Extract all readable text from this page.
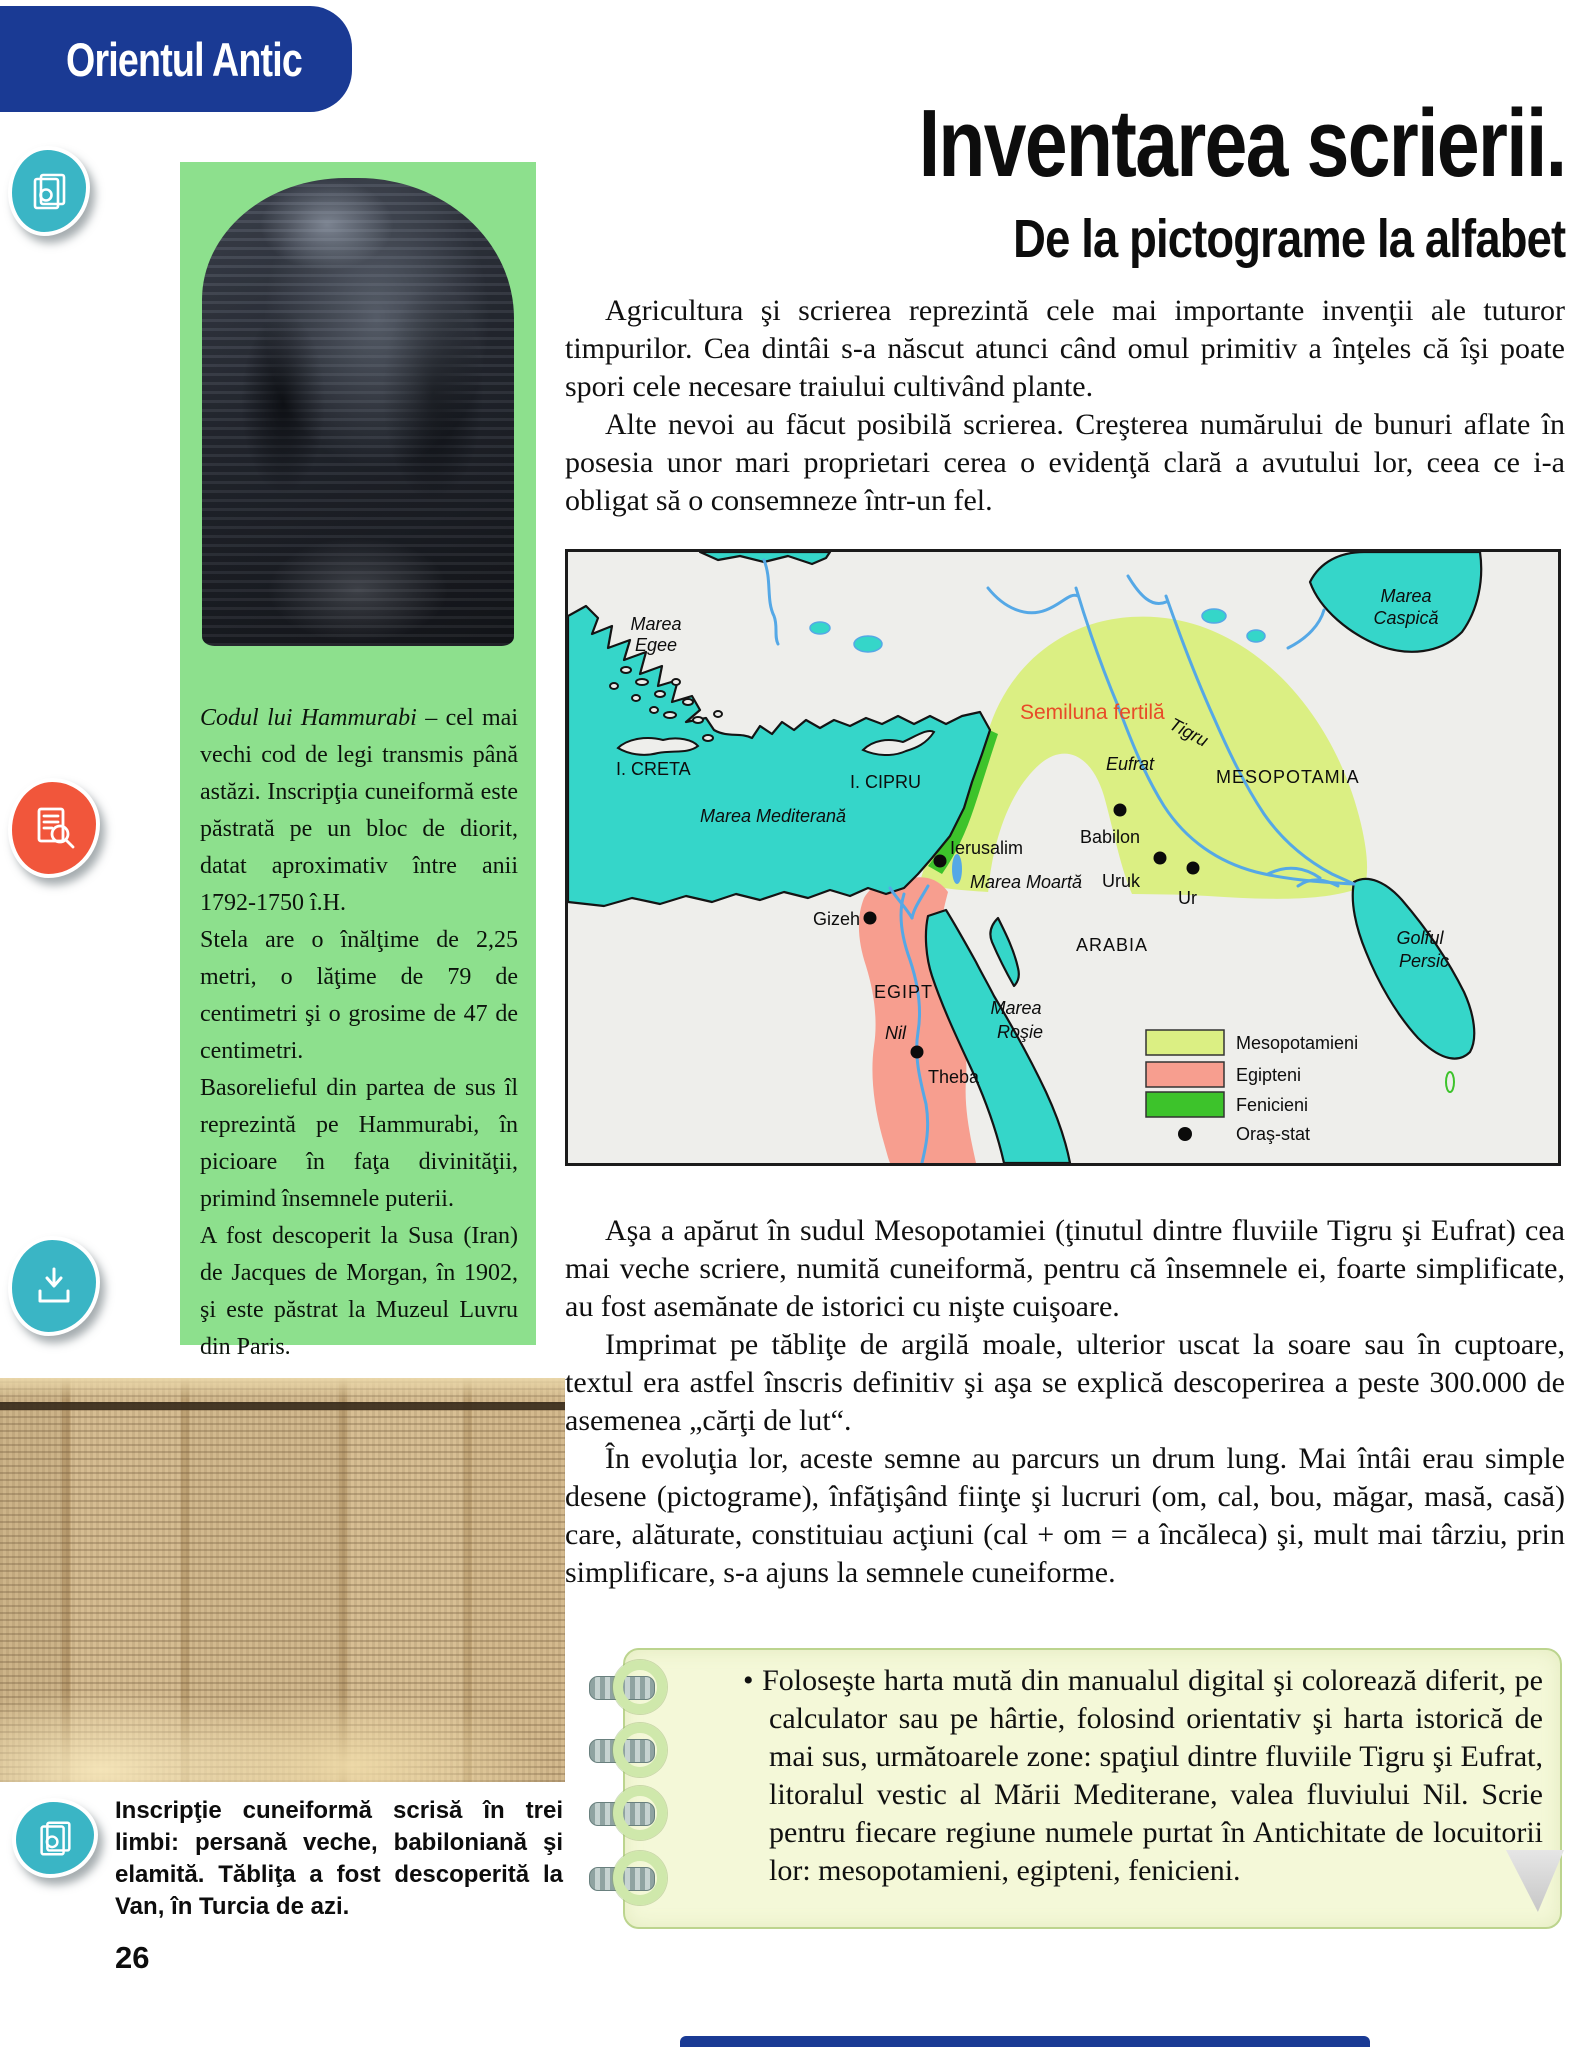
Orientul Antic
Inventarea scrierii.
De la pictograme la alfabet

Agricultura şi scrierea reprezintă cele mai importante invenţii ale tuturor timpurilor. Cea dintâi s-a născut atunci când omul primitiv a înţeles că îşi poate spori cele necesare traiului cultivând plante.

Alte nevoi au făcut posibilă scrierea. Creşterea numărului de bunuri aflate în posesia unor mari proprietari cerea o evidenţă clară a avutului lor, ceea ce i-a obligat să o consemneze într-un fel.

Codul lui Hammurabi – cel mai vechi cod de legi transmis până astăzi. Inscripţia cuneiformă este păstrată pe un bloc de diorit, datat aproximativ între anii 1792-1750 î.H.

Stela are o înălţime de 2,25 metri, o lăţime de 79 de centimetri şi o grosime de 47 de centimetri.

Basorelieful din partea de sus îl reprezintă pe Hammurabi, în picioare în faţa divinităţii, primind însemnele puterii.

A fost descoperit la Susa (Iran) de Jacques de Morgan, în 1902, şi este păstrat la Muzeul Luvru din Paris.

Marea
Egee
Marea
Caspică
Semiluna fertilă
Tigru
Eufrat
MESOPOTAMIA
Babilon
Uruk
Ur
Ierusalim
Marea Moartă
Gizeh
EGIPT
Nil
Theba
Marea
Roşie
ARABIA	Golful
Persic
I. CRETA
I. CIPRU
Marea Mediterană
Mesopotamieni
Egipteni
Fenicieni
Oraş-stat

Aşa a apărut în sudul Mesopotamiei (ţinutul dintre fluviile Tigru şi Eufrat) cea mai veche scriere, numită cuneiformă, pentru că însemnele ei, foarte simplificate, au fost asemănate de istorici cu nişte cuişoare.

Imprimat pe tăbliţe de argilă moale, ulterior uscat la soare sau în cuptoare, textul era astfel înscris definitiv şi aşa se explică descoperirea a peste 300.000 de asemenea „cărţi de lut“.

În evoluţia lor, aceste semne au parcurs un drum lung. Mai întâi erau simple desene (pictograme), înfăţişând fiinţe şi lucruri (om, cal, bou, măgar, masă, casă) care, alăturate, constituiau acţiuni (cal + om = a încăleca) şi, mult mai târziu, prin simplificare, s-a ajuns la semnele cuneiforme.

• Foloseşte harta mută din manualul digital şi colorează diferit, pe calculator sau pe hârtie, folosind orientativ şi harta istorică de mai sus, următoarele zone: spaţiul dintre fluviile Tigru şi Eufrat, litoralul vestic al Mării Mediterane, valea fluviului Nil. Scrie pentru fiecare regiune numele purtat în Antichitate de locuitorii lor: mesopotamieni, egipteni, fenicieni.

Inscripţie cuneiformă scrisă în trei limbi: persană veche, babiloniană şi elamită. Tăbliţa a fost descoperită la Van, în Turcia de azi.
26
